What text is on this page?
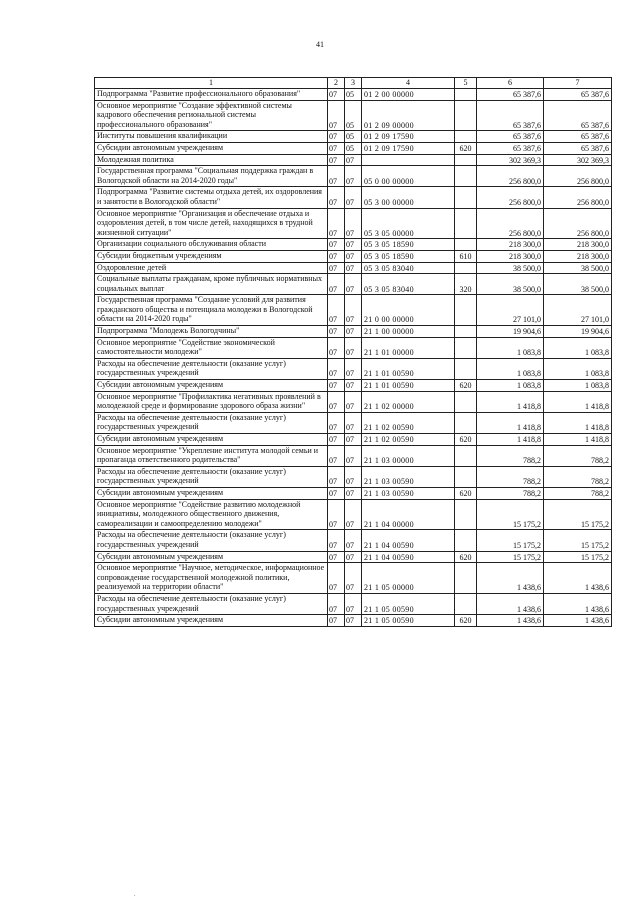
41
1	2	3	4	5	6	7
Подпрограмма "Развитие профессионального образования"	07	05	01 2 00 00000		65 387,6	65 387,6
Основное мероприятие "Создание эффективной системы кадрового обеспечения региональной системы профессионального образования"	07	05	01 2 09 00000		65 387,6	65 387,6
Институты повышения квалификации	07	05	01 2 09 17590		65 387,6	65 387,6
Субсидии автономным учреждениям	07	05	01 2 09 17590	620	65 387,6	65 387,6
Молодежная политика	07	07			302 369,3	302 369,3
Государственная программа "Социальная поддержка граждан в Вологодской области на 2014-2020 годы"	07	07	05 0 00 00000		256 800,0	256 800,0
Подпрограмма "Развитие системы отдыха детей, их оздоровления и занятости в Вологодской области"	07	07	05 3 00 00000		256 800,0	256 800,0
Основное мероприятие "Организация и обеспечение отдыха и оздоровления детей, в том числе детей, находящихся в трудной жизненной ситуации"	07	07	05 3 05 00000		256 800,0	256 800,0
Организации социального обслуживания области	07	07	05 3 05 18590		218 300,0	218 300,0
Субсидии бюджетным учреждениям	07	07	05 3 05 18590	610	218 300,0	218 300,0
Оздоровление детей	07	07	05 3 05 83040		38 500,0	38 500,0
Социальные выплаты гражданам, кроме публичных нормативных социальных выплат	07	07	05 3 05 83040	320	38 500,0	38 500,0
Государственная программа "Создание условий для развития гражданского общества и потенциала молодежи в Вологодской области на 2014-2020 годы"	07	07	21 0 00 00000		27 101,0	27 101,0
Подпрограмма "Молодежь Вологодчины"	07	07	21 1 00 00000		19 904,6	19 904,6
Основное мероприятие "Содействие экономической самостоятельности молодежи"	07	07	21 1 01 00000		1 083,8	1 083,8
Расходы на обеспечение деятельности (оказание услуг) государственных учреждений	07	07	21 1 01 00590		1 083,8	1 083,8
Субсидии автономным учреждениям	07	07	21 1 01 00590	620	1 083,8	1 083,8
Основное мероприятие "Профилактика негативных проявлений в молодежной среде и формирование здорового образа жизни"	07	07	21 1 02 00000		1 418,8	1 418,8
Расходы на обеспечение деятельности (оказание услуг) государственных учреждений	07	07	21 1 02 00590		1 418,8	1 418,8
Субсидии автономным учреждениям	07	07	21 1 02 00590	620	1 418,8	1 418,8
Основное мероприятие "Укрепление института молодой семьи и пропаганда ответственного родительства"	07	07	21 1 03 00000		788,2	788,2
Расходы на обеспечение деятельности (оказание услуг) государственных учреждений	07	07	21 1 03 00590		788,2	788,2
Субсидии автономным учреждениям	07	07	21 1 03 00590	620	788,2	788,2
Основное мероприятие "Содействие развитию молодежной инициативы, молодежного общественного движения, самореализации и самоопределению молодежи"	07	07	21 1 04 00000		15 175,2	15 175,2
Расходы на обеспечение деятельности (оказание услуг) государственных учреждений	07	07	21 1 04 00590		15 175,2	15 175,2
Субсидии автономным учреждениям	07	07	21 1 04 00590	620	15 175,2	15 175,2
Основное мероприятие "Научное, методическое, информационное сопровождение государственной молодежной политики, реализуемой на территории области"	07	07	21 1 05 00000		1 438,6	1 438,6
Расходы на обеспечение деятельности (оказание услуг) государственных учреждений	07	07	21 1 05 00590		1 438,6	1 438,6
Субсидии автономным учреждениям	07	07	21 1 05 00590	620	1 438,6	1 438,6
.
